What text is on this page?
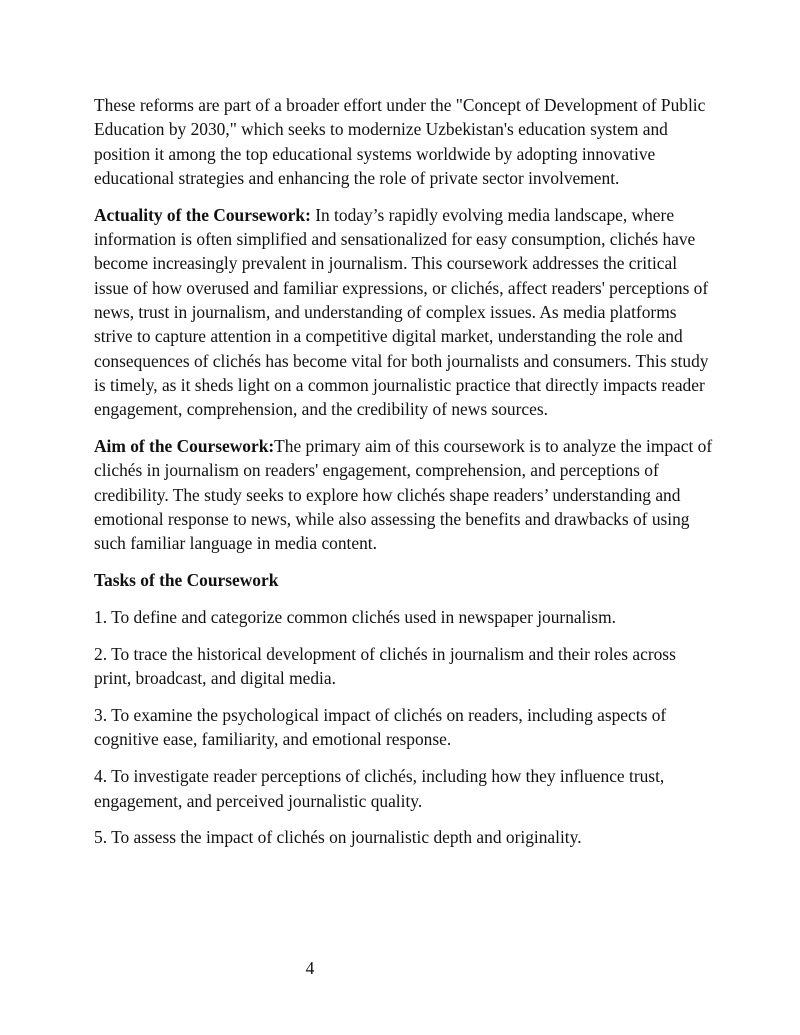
These reforms are part of a broader effort under the "Concept of Development of Public Education by 2030," which seeks to modernize Uzbekistan's education system and position it among the top educational systems worldwide by adopting innovative educational strategies and enhancing the role of private sector involvement.

Actuality of the Coursework: In today’s rapidly evolving media landscape, where information is often simplified and sensationalized for easy consumption, clichés have become increasingly prevalent in journalism. This coursework addresses the critical issue of how overused and familiar expressions, or clichés, affect readers' perceptions of news, trust in journalism, and understanding of complex issues. As media platforms strive to capture attention in a competitive digital market, understanding the role and consequences of clichés has become vital for both journalists and consumers. This study is timely, as it sheds light on a common journalistic practice that directly impacts reader engagement, comprehension, and the credibility of news sources.

Aim of the Coursework:The primary aim of this coursework is to analyze the impact of clichés in journalism on readers' engagement, comprehension, and perceptions of credibility. The study seeks to explore how clichés shape readers’ understanding and emotional response to news, while also assessing the benefits and drawbacks of using such familiar language in media content.

Tasks of the Coursework

1. To define and categorize common clichés used in newspaper journalism.

2. To trace the historical development of clichés in journalism and their roles across print, broadcast, and digital media.

3. To examine the psychological impact of clichés on readers, including aspects of cognitive ease, familiarity, and emotional response.

4. To investigate reader perceptions of clichés, including how they influence trust, engagement, and perceived journalistic quality.

5. To assess the impact of clichés on journalistic depth and originality.

4
